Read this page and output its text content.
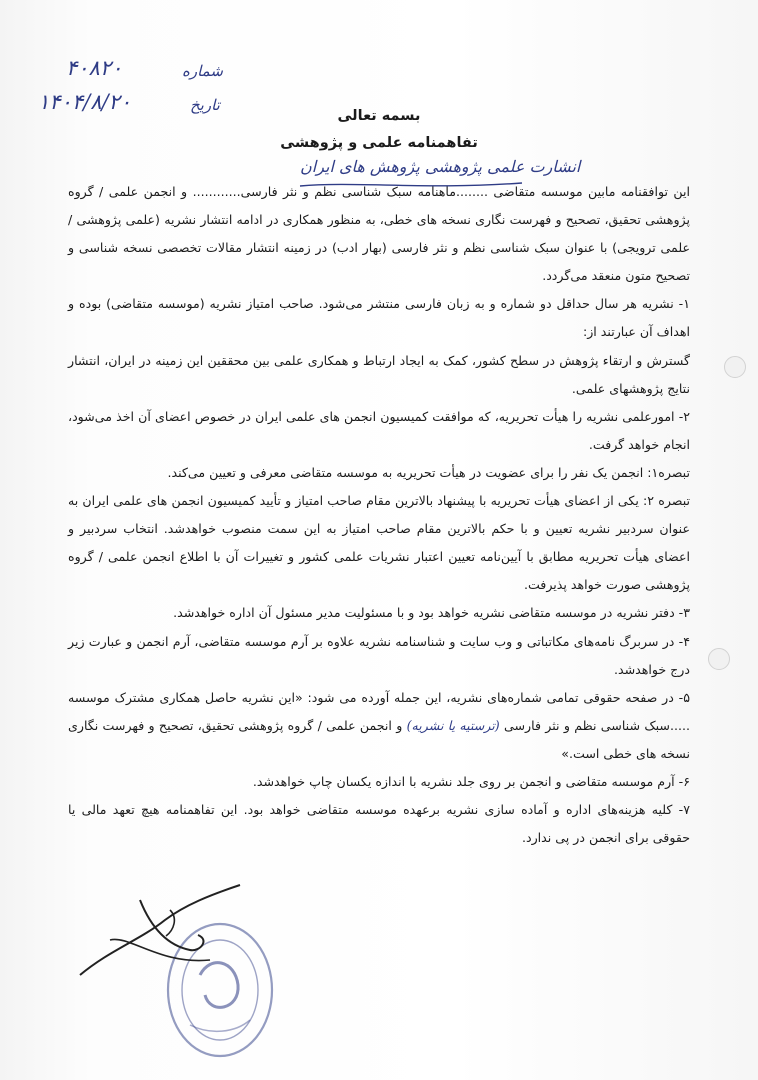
شماره
۴۰۸۲۰
تاریخ
۱۴۰۴/۸/۲۰
بسمه تعالی
تفاهمنامه علمی و پژوهشی
انشارت علمی پژوهشی پژوهش های ایران

این توافقنامه مابین موسسه متقاضی ........ماهنامه سبک شناسی نظم و نثر فارسی............ و انجمن علمی / گروه پژوهشی تحقیق، تصحیح و فهرست نگاری نسخه های خطی، به منظور همکاری در ادامه انتشار نشریه (علمی پژوهشی / علمی ترویجی) با عنوان سبک شناسی نظم و نثر فارسی (بهار ادب) در زمینه انتشار مقالات تخصصی نسخه شناسی و تصحیح متون منعقد می‌گردد.

۱- نشریه هر سال حداقل دو شماره و به زبان فارسی منتشر می‌شود. صاحب امتیاز نشریه (موسسه متقاضی) بوده و اهداف آن عبارتند از:

گسترش و ارتقاء پژوهش در سطح کشور، کمک به ایجاد ارتباط و همکاری علمی بین محققین این زمینه در ایران، انتشار نتایج پژوهشهای علمی.

۲- امورعلمی نشریه را هیأت تحریریه، که موافقت کمیسیون انجمن های علمی ایران در خصوص اعضای آن اخذ می‌شود، انجام خواهد گرفت.

تبصره۱: انجمن یک نفر را برای عضویت در هیأت تحریریه به موسسه متقاضی معرفی و تعیین می‌کند.

تبصره ۲: یکی از اعضای هیأت تحریریه با پیشنهاد بالاترین مقام صاحب امتیاز و تأیید کمیسیون انجمن های علمی ایران به عنوان سردبیر نشریه تعیین و با حکم بالاترین مقام صاحب امتیاز به این سمت منصوب خواهدشد. انتخاب سردبیر و اعضای هیأت تحریریه مطابق با آیین‌نامه تعیین اعتبار نشریات علمی کشور و تغییرات آن با اطلاع انجمن علمی / گروه پژوهشی صورت خواهد پذیرفت.

۳- دفتر نشریه در موسسه متقاضی نشریه خواهد بود و با مسئولیت مدیر مسئول آن اداره خواهدشد.

۴- در سربرگ نامه‌های مکاتباتی و وب سایت و شناسنامه نشریه علاوه بر آرم موسسه متقاضی، آرم انجمن و عبارت زیر درج خواهدشد.

۵- در صفحه حقوقی تمامی شماره‌های نشریه، این جمله آورده می شود: «این نشریه حاصل همکاری مشترک موسسه .....سبک شناسی نظم و نثر فارسی (ترستیه یا نشریه) و انجمن علمی / گروه پژوهشی تحقیق، تصحیح و فهرست نگاری نسخه های خطی است.»

۶- آرم موسسه متقاضی و انجمن بر روی جلد نشریه با اندازه یکسان چاپ خواهدشد.

۷- کلیه هزینه‌های اداره و آماده سازی نشریه برعهده موسسه متقاضی خواهد بود. این تفاهمنامه هیچ تعهد مالی یا حقوقی برای انجمن در پی ندارد.
